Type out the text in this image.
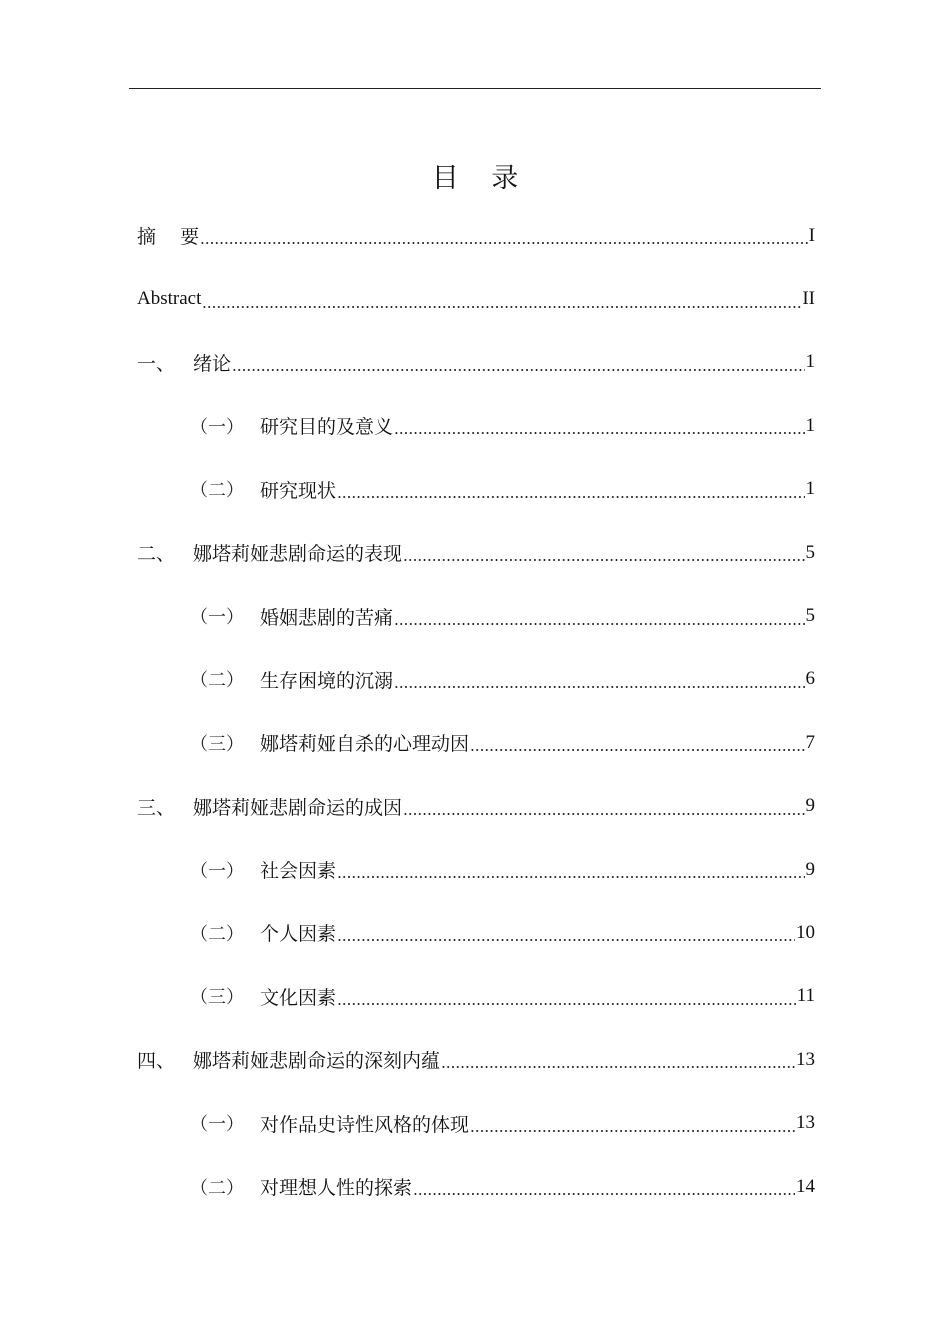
目 录
摘    要	I
Abstract	II
一、 绪论	1
（一） 研究目的及意义	1
（二） 研究现状	1
二、 娜塔莉娅悲剧命运的表现	5
（一） 婚姻悲剧的苦痛	5
（二） 生存困境的沉溺	6
（三） 娜塔莉娅自杀的心理动因	7
三、 娜塔莉娅悲剧命运的成因	9
（一） 社会因素	9
（二） 个人因素	10
（三） 文化因素	11
四、 娜塔莉娅悲剧命运的深刻内蕴	13
（一） 对作品史诗性风格的体现	13
（二） 对理想人性的探索	14
